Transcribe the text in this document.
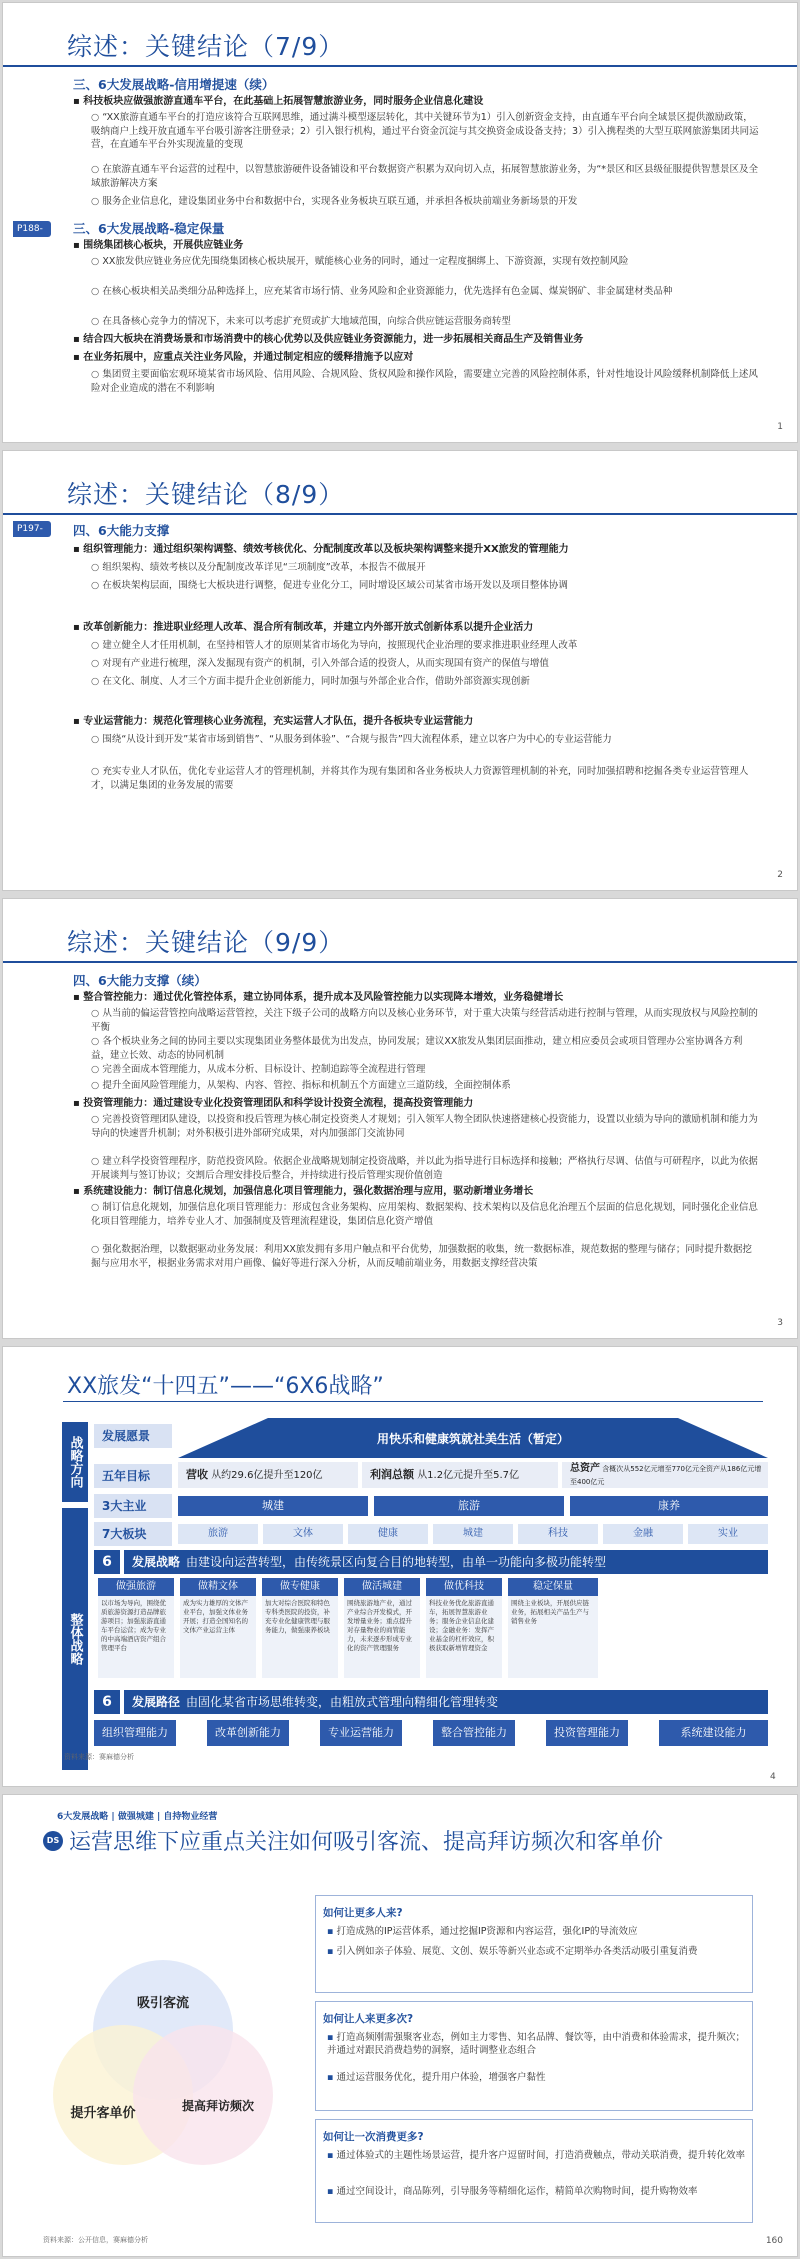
综述：关键结论（7/9）
三、6大发展战略-信用增提速（续）
▪ 科技板块应做强旅游直通车平台，在此基础上拓展智慧旅游业务，同时服务企业信息化建设
○ “XX旅游直通车平台的打造应该符合互联网思维，通过满斗模型逐层转化，其中关键环节为1）引入创新资金支持，由直通车平台向全域景区提供激励政策，吸纳商户上线开放直通车平台吸引游客注册登录；2）引入银行机构，通过平台资金沉淀与其交换资金成设备支持；3）引入携程类的大型互联网旅游集团共同运营，在直通车平台外实现流量的变现
○ 在旅游直通车平台运营的过程中，以智慧旅游硬件设备铺设和平台数据资产积累为双向切入点，拓展智慧旅游业务，为“*景区和区县级征服提供智慧景区及全域旅游解决方案
○ 服务企业信息化，建设集团业务中台和数据中台，实现各业务板块互联互通，并承担各板块前端业务新场景的开发
P188-	三、6大发展战略-稳定保量
▪ 围绕集团核心板块，开展供应链业务
○ XX旅发供应链业务应优先围绕集团核心板块展开，赋能核心业务的同时，通过一定程度捆绑上、下游资源，实现有效控制风险
○ 在核心板块相关品类细分品种选择上，应充某省市场行情、业务风险和企业资源能力，优先选择有色金属、煤炭钢矿、非金属建材类品种
○ 在具备核心竞争力的情况下，未来可以考虑扩充贸或扩大地域范围，向综合供应链运营服务商转型
▪ 结合四大板块在消费场景和市场消费中的核心优势以及供应链业务资源能力，进一步拓展相关商品生产及销售业务
▪ 在业务拓展中，应重点关注业务风险，并通过制定相应的缓释措施予以应对
○ 集团贸主要面临宏观环境某省市场风险、信用风险、合规风险、货权风险和操作风险，需要建立完善的风险控制体系，针对性地设计风险缓释机制降低上述风险对企业造成的潜在不利影响
1
综述：关键结论（8/9）
P197-	四、6大能力支撑
▪ 组织管理能力：通过组织架构调整、绩效考核优化、分配制度改革以及板块架构调整来提升XX旅发的管理能力
○ 组织架构、绩效考核以及分配制度改革详见“三项制度”改革，本报告不做展开
○ 在板块架构层面，围绕七大板块进行调整，促进专业化分工，同时增设区域公司某省市场开发以及项目整体协调
▪ 改革创新能力：推进职业经理人改革、混合所有制改革，并建立内外部开放式创新体系以提升企业活力
○ 建立健全人才任用机制，在坚持相管人才的原则某省市场化为导向，按照现代企业治理的要求推进职业经理人改革
○ 对现有产业进行梳理，深入发掘现有资产的机制，引入外部合适的投资人，从而实现国有资产的保值与增值
○ 在文化、制度、人才三个方面丰提升企业创新能力，同时加强与外部企业合作，借助外部资源实现创新
▪ 专业运营能力：规范化管理核心业务流程，充实运营人才队伍，提升各板块专业运营能力
○ 围绕“从设计到开发”某省市场到销售”、“从服务到体验”、“合规与报告”四大流程体系，建立以客户为中心的专业运营能力
○ 充实专业人才队伍，优化专业运营人才的管理机制，并将其作为现有集团和各业务板块人力资源管理机制的补充，同时加强招聘和挖掘各类专业运营管理人才，以满足集团的业务发展的需要
2
综述：关键结论（9/9）
四、6大能力支撑（续）
▪ 整合管控能力：通过优化管控体系，建立协同体系，提升成本及风险管控能力以实现降本增效，业务稳健增长
○ 从当前的偏运营管控向战略运营管控，关注下级子公司的战略方向以及核心业务环节，对于重大决策与经营活动进行控制与管理，从而实现放权与风险控制的平衡
○ 各个板块业务之间的协同主要以实现集团业务整体最优为出发点，协同发展；建议XX旅发从集团层面推动，建立相应委员会或项目管理办公室协调各方利益，建立长效、动态的协同机制
○ 完善全面成本管理能力，从成本分析、目标设计、控制追踪等全流程进行管理
○ 提升全面风险管理能力，从架构、内容、管控、指标和机制五个方面建立三道防线，全面控制体系
▪ 投资管理能力：通过建设专业化投资管理团队和科学设计投资全流程，提高投资管理能力
○ 完善投资管理团队建设，以投资和投后管理为核心制定投资类人才规划；引入领军人物全团队快速搭建核心投资能力，设置以业绩为导向的激励机制和能力为导向的快速晋升机制；对外积极引进外部研究成果，对内加强部门交流协同
○ 建立科学投资管理程序，防范投资风险。依据企业战略规划制定投资战略，并以此为指导进行目标选择和接触；严格执行尽调、估值与可研程序，以此为依据开展谈判与签订协议；交割后合理安排投后整合，并持续进行投后管理实现价值创造
▪ 系统建设能力：制订信息化规划，加强信息化项目管理能力，强化数据治理与应用，驱动新增业务增长
○ 制订信息化规划，加强信息化项目管理能力：形成包含业务架构、应用架构、数据架构、技术架构以及信息化治理五个层面的信息化规划，同时强化企业信息化项目管理能力，培养专业人才、加强制度及管理流程建设，集团信息化资产增值
○ 强化数据治理，以数据驱动业务发展：利用XX旅发拥有多用户触点和平台优势，加强数据的收集，统一数据标准，规范数据的整理与储存；同时提升数据挖掘与应用水平，根据业务需求对用户画像、偏好等进行深入分析，从而反哺前端业务，用数据支撑经营决策
3
XX旅发“十四五”——“6X6战略”
战略方向
整体战略
发展愿景	用快乐和健康筑就社美生活（暂定）
五年目标	营收 从约29.6亿提升至120亿	利润总额 从1.2亿元提升至5.7亿
总资产 含概次从552亿元增至770亿元全资产从186亿元增至400亿元
3大主业	城建	旅游	康养
7大板块	旅游	文体	健康	城建	科技	金融	实业
6	发展战略 由建设向运营转型，由传统景区向复合目的地转型，由单一功能向多极功能转型
做强旅游
以市场为导向，围绕优质旅游资源打造品牌旅游项目；加强旅游直通车平台运营；成为专业的中高端酒店资产组合管理平台
做精文体
成为实力雄厚的文体产业平台，加强文体业务开展；打造全国知名的文体产业运营主体
做专健康
加大对综合医院和特色专科类医院的投资，补充专业化健康管理与服务能力，做强康养板块
做活城建
围绕旅游地产业，通过产业综合开发模式，开发增量业务；重点提升对存量物业的商管能力，未来逐步形成专业化的资产管理服务
做优科技
科技业务优化旅游直通车，拓展智慧旅游业务；服务企业信息化建设；金融业务：发挥产业基金的杠杆效应，积极获取新增管理资金
稳定保量
围绕主业板块，开展供应链业务，拓展相关产品生产与销售业务
6	发展路径 由固化某省市场思维转变，由粗放式管理向精细化管理转变
组织管理能力	改革创新能力	专业运营能力	整合管控能力	投资管理能力	系统建设能力
资料来源：赛麻德分析
4
6大发展战略 | 做强城建 | 自持物业经营
DS 运营思维下应重点关注如何吸引客流、提高拜访频次和客单价
吸引客流
提高拜访频次
提升客单价
如何让更多人来?
▪ 打造成熟的IP运营体系，通过挖掘IP资源和内容运营，强化IP的导流效应
▪ 引入例如亲子体验、展览、文创、娱乐等新兴业态或不定期举办各类活动吸引重复消费
如何让人来更多次?
▪ 打造高频刚需强聚客业态，例如主力零售、知名品牌、餐饮等，由中消费和体验需求，提升频次；并通过对跟民消费趋势的洞察，适时调整业态组合
▪ 通过运营服务优化，提升用户体验，增强客户黏性
如何让一次消费更多?
▪ 通过体验式的主题性场景运营，提升客户逗留时间，打造消费触点，带动关联消费，提升转化效率
▪ 通过空间设计，商品陈列，引导服务等精细化运作，精简单次购物时间，提升购物效率
资料来源：公开信息，赛麻德分析	160
